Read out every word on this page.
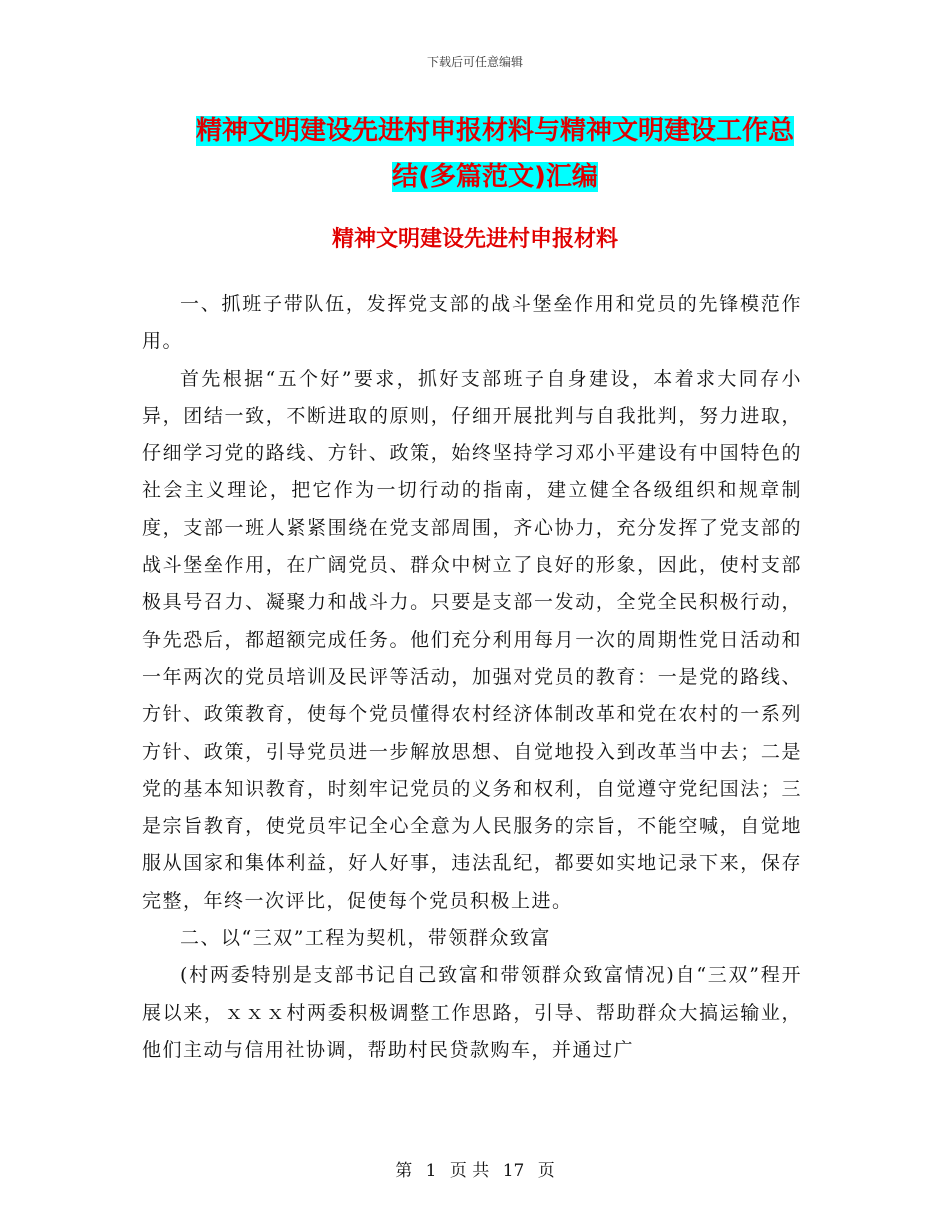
下载后可任意编辑
精神文明建设先进村申报材料与精神文明建设工作总
结(多篇范文)汇编
精神文明建设先进村申报材料

一、抓班子带队伍，发挥党支部的战斗堡垒作用和党员的先锋模范作用。

首先根据“五个好”要求，抓好支部班子自身建设，本着求大同存小异，团结一致，不断进取的原则，仔细开展批判与自我批判，努力进取，仔细学习党的路线、方针、政策，始终坚持学习邓小平建设有中国特色的社会主义理论，把它作为一切行动的指南，建立健全各级组织和规章制度，支部一班人紧紧围绕在党支部周围，齐心协力，充分发挥了党支部的战斗堡垒作用，在广阔党员、群众中树立了良好的形象，因此，使村支部极具号召力、凝聚力和战斗力。只要是支部一发动，全党全民积极行动，争先恐后，都超额完成任务。他们充分利用每月一次的周期性党日活动和一年两次的党员培训及民评等活动，加强对党员的教育：一是党的路线、方针、政策教育，使每个党员懂得农村经济体制改革和党在农村的一系列方针、政策，引导党员进一步解放思想、自觉地投入到改革当中去；二是党的基本知识教育，时刻牢记党员的义务和权利，自觉遵守党纪国法；三是宗旨教育，使党员牢记全心全意为人民服务的宗旨，不能空喊，自觉地服从国家和集体利益，好人好事，违法乱纪，都要如实地记录下来，保存完整，年终一次评比，促使每个党员积极上进。

二、以“三双”工程为契机，带领群众致富

(村两委特别是支部书记自己致富和带领群众致富情况)自“三双”程开展以来，ｘｘｘ村两委积极调整工作思路，引导、帮助群众大搞运输业，他们主动与信用社协调，帮助村民贷款购车，并通过广

第 1 页 共 17 页
